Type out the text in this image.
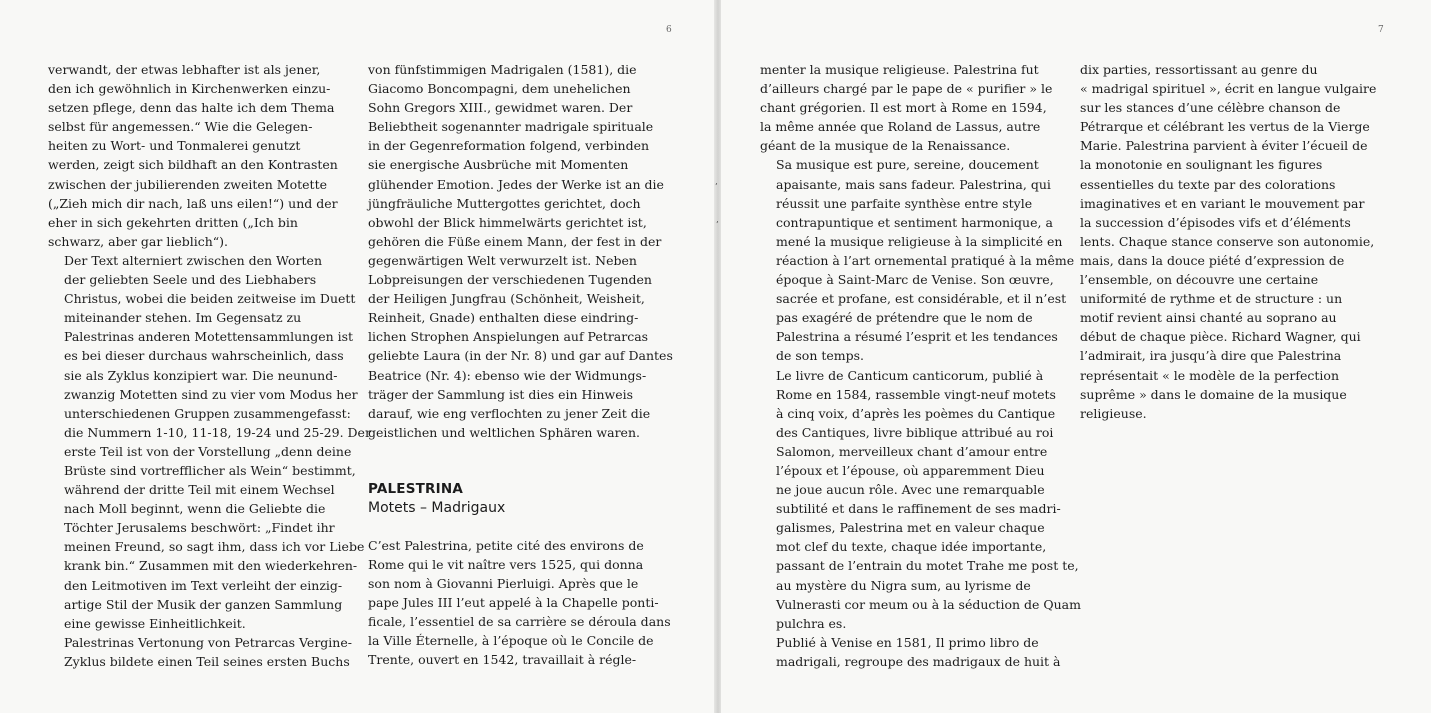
6

verwandt, der etwas lebhafter ist als jener,
den ich gewöhnlich in Kirchenwerken einzu-
setzen pflege, denn das halte ich dem Thema
selbst für angemessen.“ Wie die Gelegen-
heiten zu Wort- und Tonmalerei genutzt
werden, zeigt sich bildhaft an den Kontrasten
zwischen der jubilierenden zweiten Motette
(„Zieh mich dir nach, laß uns eilen!“) und der
eher in sich gekehrten dritten („Ich bin
schwarz, aber gar lieblich“).

Der Text alterniert zwischen den Worten
der geliebten Seele und des Liebhabers
Christus, wobei die beiden zeitweise im Duett
miteinander stehen. Im Gegensatz zu
Palestrinas anderen Motettensammlungen ist
es bei dieser durchaus wahrscheinlich, dass
sie als Zyklus konzipiert war. Die neunund-
zwanzig Motetten sind zu vier vom Modus her
unterschiedenen Gruppen zusammengefasst:
die Nummern 1-10, 11-18, 19-24 und 25-29. Der
erste Teil ist von der Vorstellung „denn deine
Brüste sind vortrefflicher als Wein“ bestimmt,
während der dritte Teil mit einem Wechsel
nach Moll beginnt, wenn die Geliebte die
Töchter Jerusalems beschwört: „Findet ihr
meinen Freund, so sagt ihm, dass ich vor Liebe
krank bin.“ Zusammen mit den wiederkehren-
den Leitmotiven im Text verleiht der einzig-
artige Stil der Musik der ganzen Sammlung
eine gewisse Einheitlichkeit.

Palestrinas Vertonung von Petrarcas Vergine-
Zyklus bildete einen Teil seines ersten Buchs

von fünfstimmigen Madrigalen (1581), die
Giacomo Boncompagni, dem unehelichen
Sohn Gregors XIII., gewidmet waren. Der
Beliebtheit sogenannter madrigale spirituale
in der Gegenreformation folgend, verbinden
sie energische Ausbrüche mit Momenten
glühender Emotion. Jedes der Werke ist an die
jüngfräuliche Muttergottes gerichtet, doch
obwohl der Blick himmelwärts gerichtet ist,
gehören die Füße einem Mann, der fest in der
gegenwärtigen Welt verwurzelt ist. Neben
Lobpreisungen der verschiedenen Tugenden
der Heiligen Jungfrau (Schönheit, Weisheit,
Reinheit, Gnade) enthalten diese eindring-
lichen Strophen Anspielungen auf Petrarcas
geliebte Laura (in der Nr. 8) und gar auf Dantes
Beatrice (Nr. 4): ebenso wie der Widmungs-
träger der Sammlung ist dies ein Hinweis
darauf, wie eng verflochten zu jener Zeit die
geistlichen und weltlichen Sphären waren.

PALESTRINA
Motets – Madrigaux

C’est Palestrina, petite cité des environs de
Rome qui le vit naître vers 1525, qui donna
son nom à Giovanni Pierluigi. Après que le
pape Jules III l’eut appelé à la Chapelle ponti-
ficale, l’essentiel de sa carrière se déroula dans
la Ville Éternelle, à l’époque où le Concile de
Trente, ouvert en 1542, travaillait à régle-

7
’
’

menter la musique religieuse. Palestrina fut
d’ailleurs chargé par le pape de « purifier » le
chant grégorien. Il est mort à Rome en 1594,
la même année que Roland de Lassus, autre
géant de la musique de la Renaissance.

Sa musique est pure, sereine, doucement
apaisante, mais sans fadeur. Palestrina, qui
réussit une parfaite synthèse entre style
contrapuntique et sentiment harmonique, a
mené la musique religieuse à la simplicité en
réaction à l’art ornemental pratiqué à la même
époque à Saint-Marc de Venise. Son œuvre,
sacrée et profane, est considérable, et il n’est
pas exagéré de prétendre que le nom de
Palestrina a résumé l’esprit et les tendances
de son temps.

Le livre de Canticum canticorum, publié à
Rome en 1584, rassemble vingt-neuf motets
à cinq voix, d’après les poèmes du Cantique
des Cantiques, livre biblique attribué au roi
Salomon, merveilleux chant d’amour entre
l’époux et l’épouse, où apparemment Dieu
ne joue aucun rôle. Avec une remarquable
subtilité et dans le raffinement de ses madri-
galismes, Palestrina met en valeur chaque
mot clef du texte, chaque idée importante,
passant de l’entrain du motet Trahe me post te,
au mystère du Nigra sum, au lyrisme de
Vulnerasti cor meum ou à la séduction de Quam
pulchra es.

Publié à Venise en 1581, Il primo libro de
madrigali, regroupe des madrigaux de huit à

dix parties, ressortissant au genre du
« madrigal spirituel », écrit en langue vulgaire
sur les stances d’une célèbre chanson de
Pétrarque et célébrant les vertus de la Vierge
Marie. Palestrina parvient à éviter l’écueil de
la monotonie en soulignant les figures
essentielles du texte par des colorations
imaginatives et en variant le mouvement par
la succession d’épisodes vifs et d’éléments
lents. Chaque stance conserve son autonomie,
mais, dans la douce piété d’expression de
l’ensemble, on découvre une certaine
uniformité de rythme et de structure : un
motif revient ainsi chanté au soprano au
début de chaque pièce. Richard Wagner, qui
l’admirait, ira jusqu’à dire que Palestrina
représentait « le modèle de la perfection
suprême » dans le domaine de la musique
religieuse.
